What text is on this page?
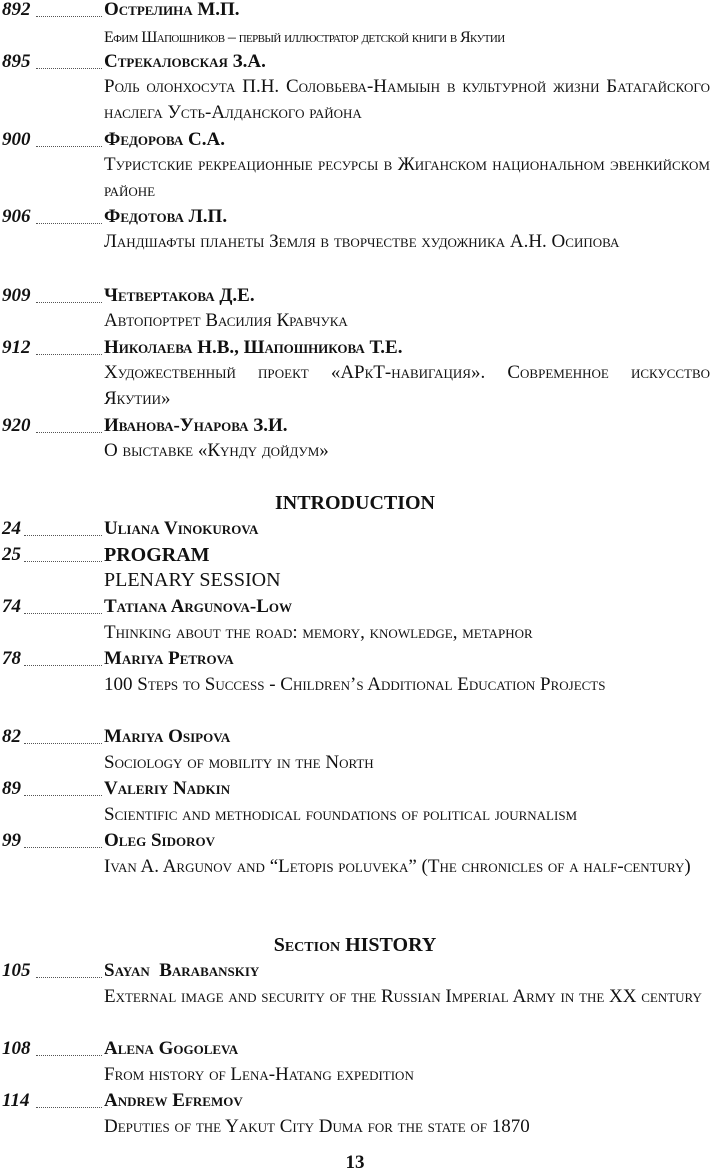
892	Острелина М.П.
Ефим Шапошников – первый иллюстратор детской книги в Якутии
895	Стрекаловская З.А.
Роль олонхосута П.Н. Соловьева-Намыын в культурной жизни Батагайского наслега Усть-Алданского района
900	Федорова С.А.
Туристские рекреационные ресурсы в Жиганском национальном эвенкийском районе
906	Федотова Л.П.
Ландшафты планеты Земля в творчестве художника А.Н. Осипова
909	Четвертакова Д.Е.
Автопортрет Василия Кравчука
912	Николаева Н.В., Шапошникова Т.Е.
Художественный проект «АРкТ-навигация». Современное искусство Якутии»
920	Иванова-Унарова З.И.
О выставке «Күндү дойдум»
INTRODUCTION
24	Uliana Vinokurova
25	PROGRAM
PLENARY SESSION
74	Tatiana Argunova-Low
Thinking about the road: memory, knowledge, metaphor
78	Mariya Petrova
100 Steps to Success - Children’s Additional Education Projects
82	Mariya Osipova
Sociology of mobility in the North
89	Valeriy Nadkin
Scientific and methodical foundations of political journalism
99	Oleg Sidorov
Ivan A. Argunov and “Letopis poluveka” (The chronicles of a half-century)
Section HISTORY
105	Sayan  Barabanskiy
External image and security of the Russian Imperial Army in the XX century
108	Alena Gogoleva
From history of Lena-Hatang expedition
114	Andrew Efremov
Deputies of the Yakut City Duma for the state of 1870
13
